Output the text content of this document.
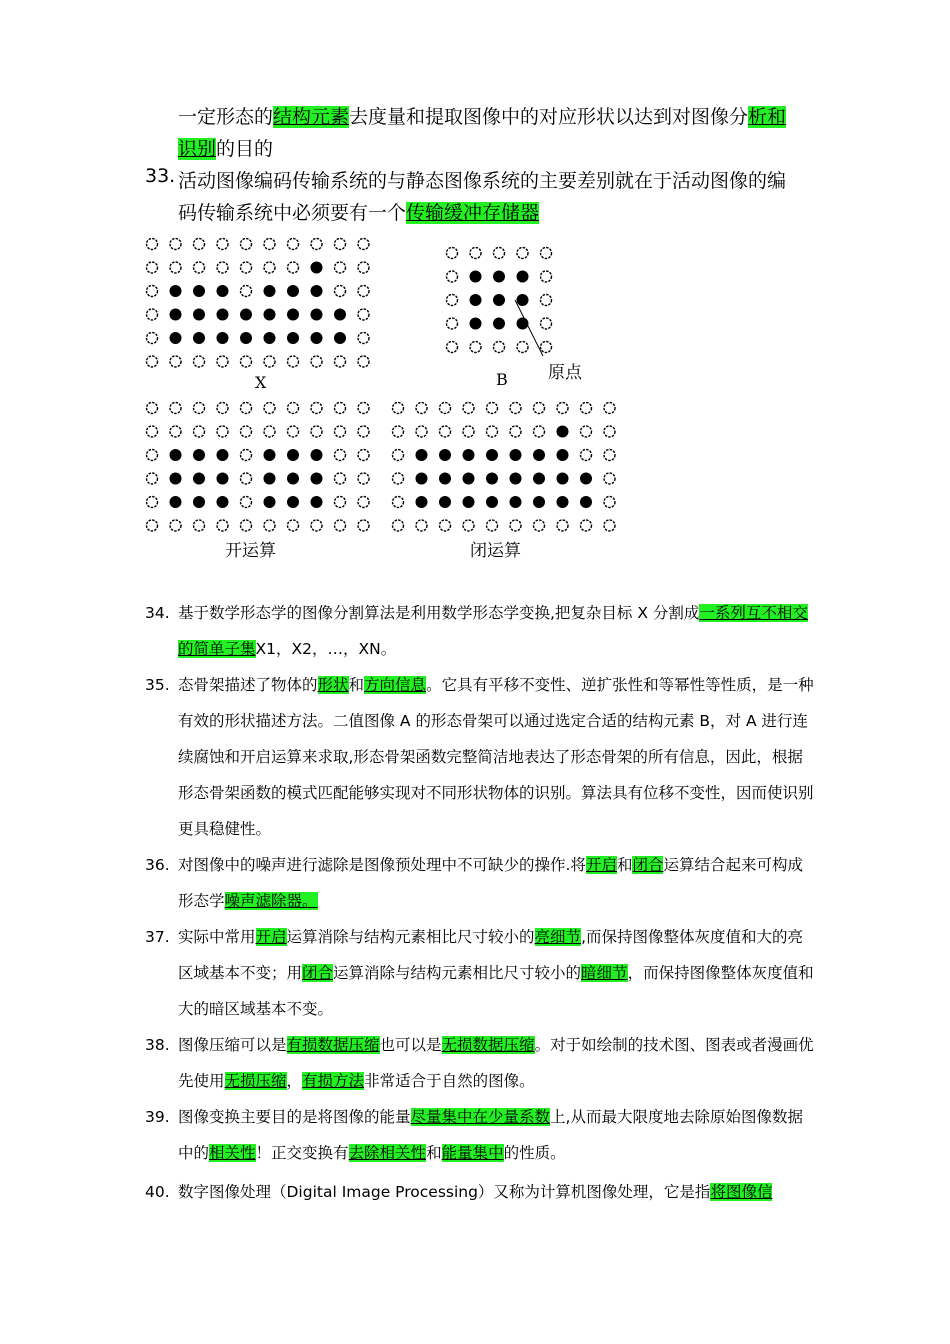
一定形态的结构元素去度量和提取图像中的对应形状以达到对图像分析和
识别的目的
33. 活动图像编码传输系统的与静态图像系统的主要差别就在于活动图像的编码传输系统中必须要有一个传输缓冲存储器
X	B 原点
开运算	闭运算
34. 基于数学形态学的图像分割算法是利用数学形态学变换,把复杂目标 X 分割成一系列互不相交的简单子集X1，X2，…，XN。
35. 态骨架描述了物体的形状和方向信息。它具有平移不变性、逆扩张性和等幂性等性质，是一种有效的形状描述方法。二值图像 A 的形态骨架可以通过选定合适的结构元素 B，对 A 进行连续腐蚀和开启运算来求取,形态骨架函数完整简洁地表达了形态骨架的所有信息，因此，根据形态骨架函数的模式匹配能够实现对不同形状物体的识别。算法具有位移不变性，因而使识别更具稳健性。
36. 对图像中的噪声进行滤除是图像预处理中不可缺少的操作.将开启和闭合运算结合起来可构成形态学噪声滤除器。
37. 实际中常用开启运算消除与结构元素相比尺寸较小的亮细节,而保持图像整体灰度值和大的亮区域基本不变；用闭合运算消除与结构元素相比尺寸较小的暗细节，而保持图像整体灰度值和大的暗区域基本不变。
38. 图像压缩可以是有损数据压缩也可以是无损数据压缩。对于如绘制的技术图、图表或者漫画优先使用无损压缩，有损方法非常适合于自然的图像。
39. 图像变换主要目的是将图像的能量尽量集中在少量系数上,从而最大限度地去除原始图像数据中的相关性！正交变换有去除相关性和能量集中的性质。
40. 数字图像处理（Digital Image Processing）又称为计算机图像处理，它是指将图像信
